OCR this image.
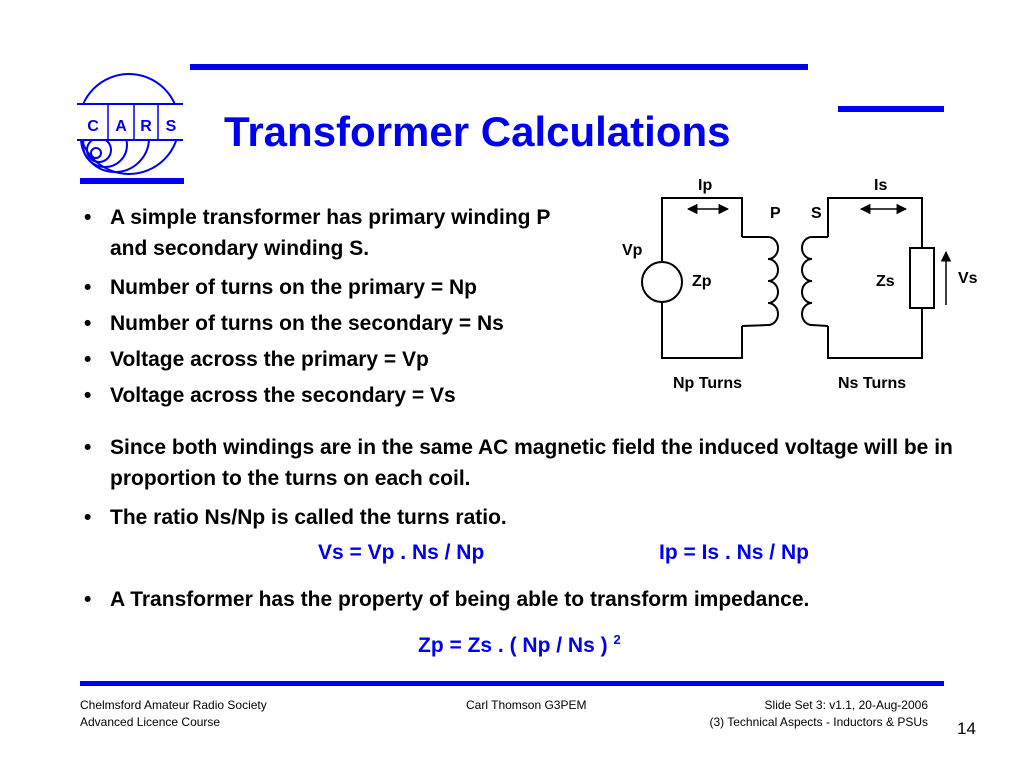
C A R S Transformer Calculations
• A simple transformer has primary winding P and secondary winding S.
• Number of turns on the primary = Np
• Number of turns on the secondary = Ns
• Voltage across the primary = Vp
• Voltage across the secondary = Vs
Ip	Is
P S
Vp
Vs
Zp	Zs
Np Turns	Ns Turns
• Since both windings are in the same AC magnetic field the induced voltage will be in proportion to the turns on each coil.
• The ratio Ns/Np is called the turns ratio.
Vs = Vp . Ns / Np	Ip = Is . Ns / Np
• A Transformer has the property of being able to transform impedance.
Zp = Zs . ( Np / Ns ) $^2$
Chelmsford Amateur Radio Society
Advanced Licence Course
Carl Thomson G3PEM	Slide Set 3: v1.1, 20-Aug-2006
(3) Technical Aspects - Inductors & PSUs 14
